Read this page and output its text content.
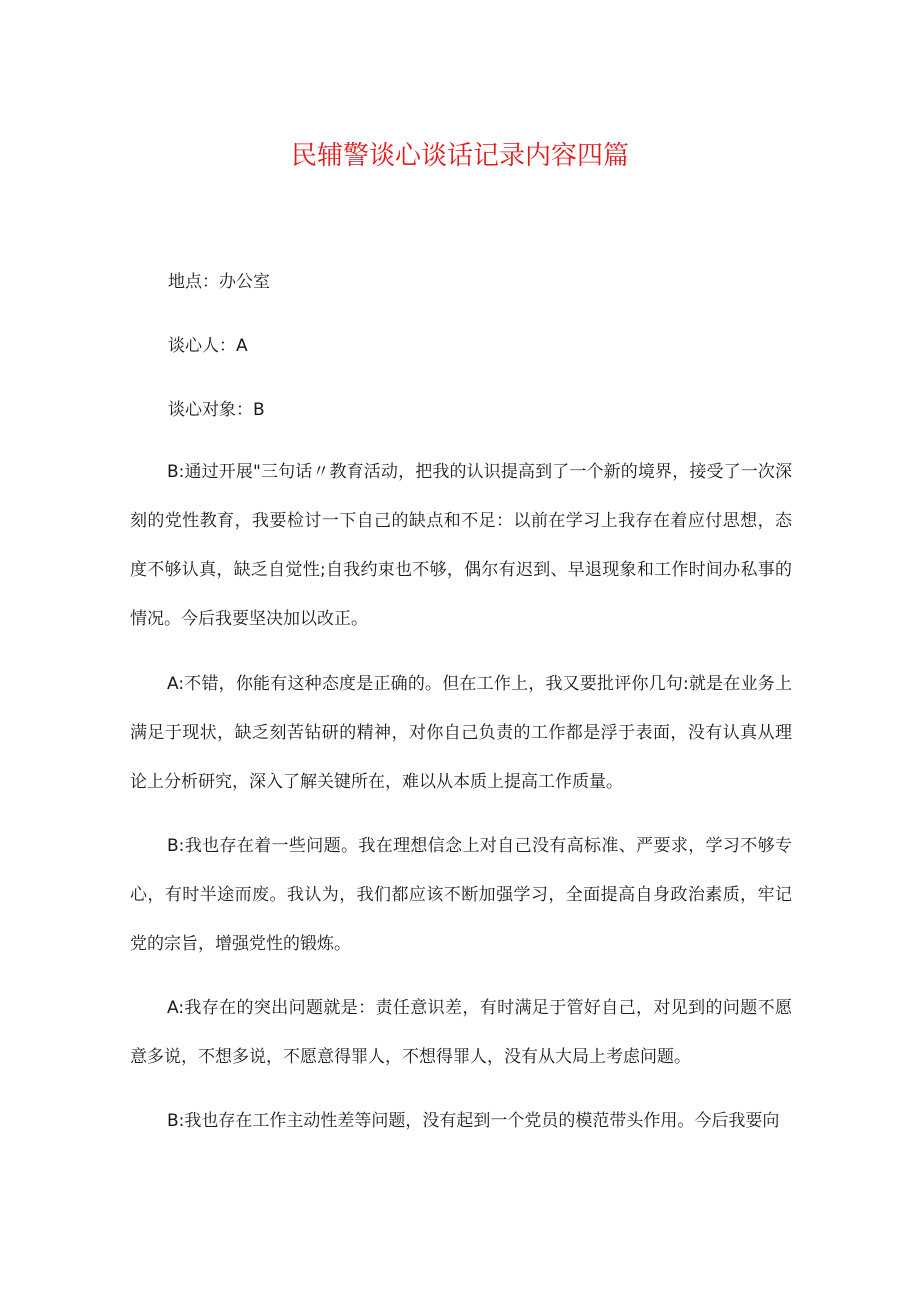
民辅警谈心谈话记录内容四篇

地点：办公室

谈心人：A

谈心对象：B

B:通过开展"三句话〃教育活动，把我的认识提高到了一个新的境界，接受了一次深刻的党性教育，我要检讨一下自己的缺点和不足：以前在学习上我存在着应付思想，态度不够认真，缺乏自觉性;自我约束也不够，偶尔有迟到、早退现象和工作时间办私事的情况。今后我要坚决加以改正。

A:不错，你能有这种态度是正确的。但在工作上，我又要批评你几句:就是在业务上满足于现状，缺乏刻苦钻研的精神，对你自己负责的工作都是浮于表面，没有认真从理论上分析研究，深入了解关键所在，难以从本质上提高工作质量。

B:我也存在着一些问题。我在理想信念上对自己没有高标准、严要求，学习不够专心，有时半途而废。我认为，我们都应该不断加强学习，全面提高自身政治素质，牢记党的宗旨，增强党性的锻炼。

A:我存在的突出问题就是：责任意识差，有时满足于管好自己，对见到的问题不愿意多说，不想多说，不愿意得罪人，不想得罪人，没有从大局上考虑问题。

B:我也存在工作主动性差等问题，没有起到一个党员的模范带头作用。今后我要向
